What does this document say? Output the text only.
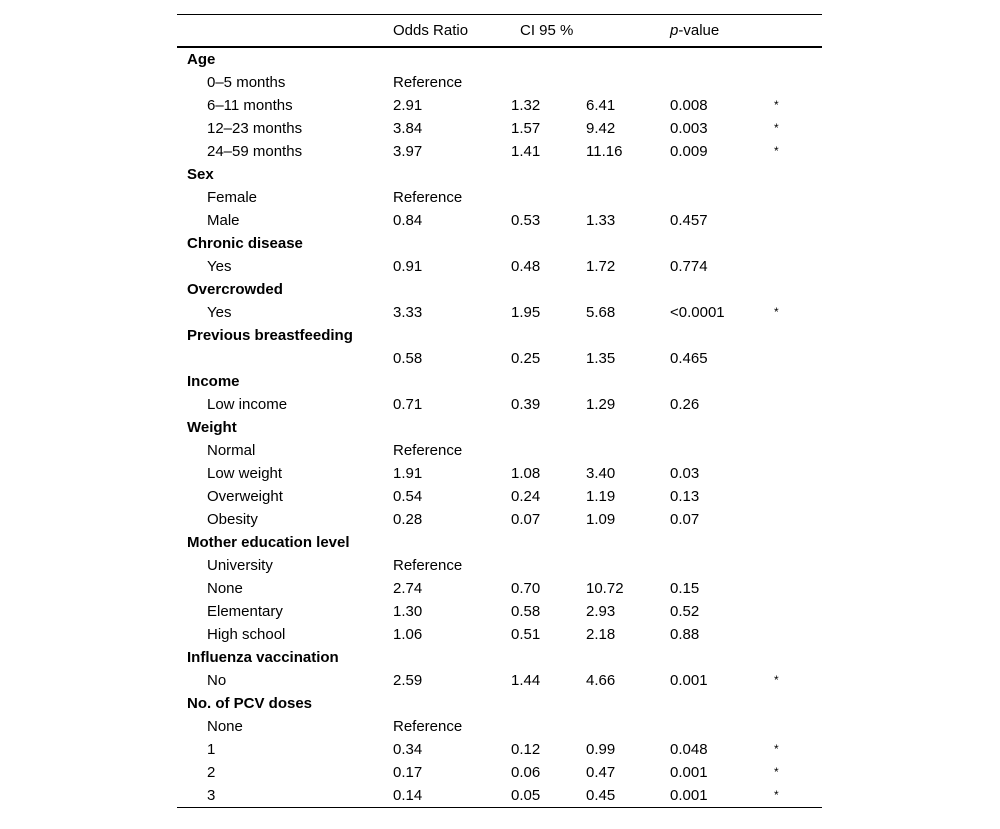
	Odds Ratio	CI 95 %		p-value	
Age					
0–5 months	Reference				
6–11 months	2.91	1.32	6.41	0.008	*
12–23 months	3.84	1.57	9.42	0.003	*
24–59 months	3.97	1.41	11.16	0.009	*
Sex					
Female	Reference				
Male	0.84	0.53	1.33	0.457	
Chronic disease					
Yes	0.91	0.48	1.72	0.774	
Overcrowded					
Yes	3.33	1.95	5.68	<0.0001	*
Previous breastfeeding					
	0.58	0.25	1.35	0.465	
Income					
Low income	0.71	0.39	1.29	0.26	
Weight					
Normal	Reference				
Low weight	1.91	1.08	3.40	0.03	
Overweight	0.54	0.24	1.19	0.13	
Obesity	0.28	0.07	1.09	0.07	
Mother education level					
University	Reference				
None	2.74	0.70	10.72	0.15	
Elementary	1.30	0.58	2.93	0.52	
High school	1.06	0.51	2.18	0.88	
Influenza vaccination					
No	2.59	1.44	4.66	0.001	*
No. of PCV doses					
None	Reference				
1	0.34	0.12	0.99	0.048	*
2	0.17	0.06	0.47	0.001	*
3	0.14	0.05	0.45	0.001	*
